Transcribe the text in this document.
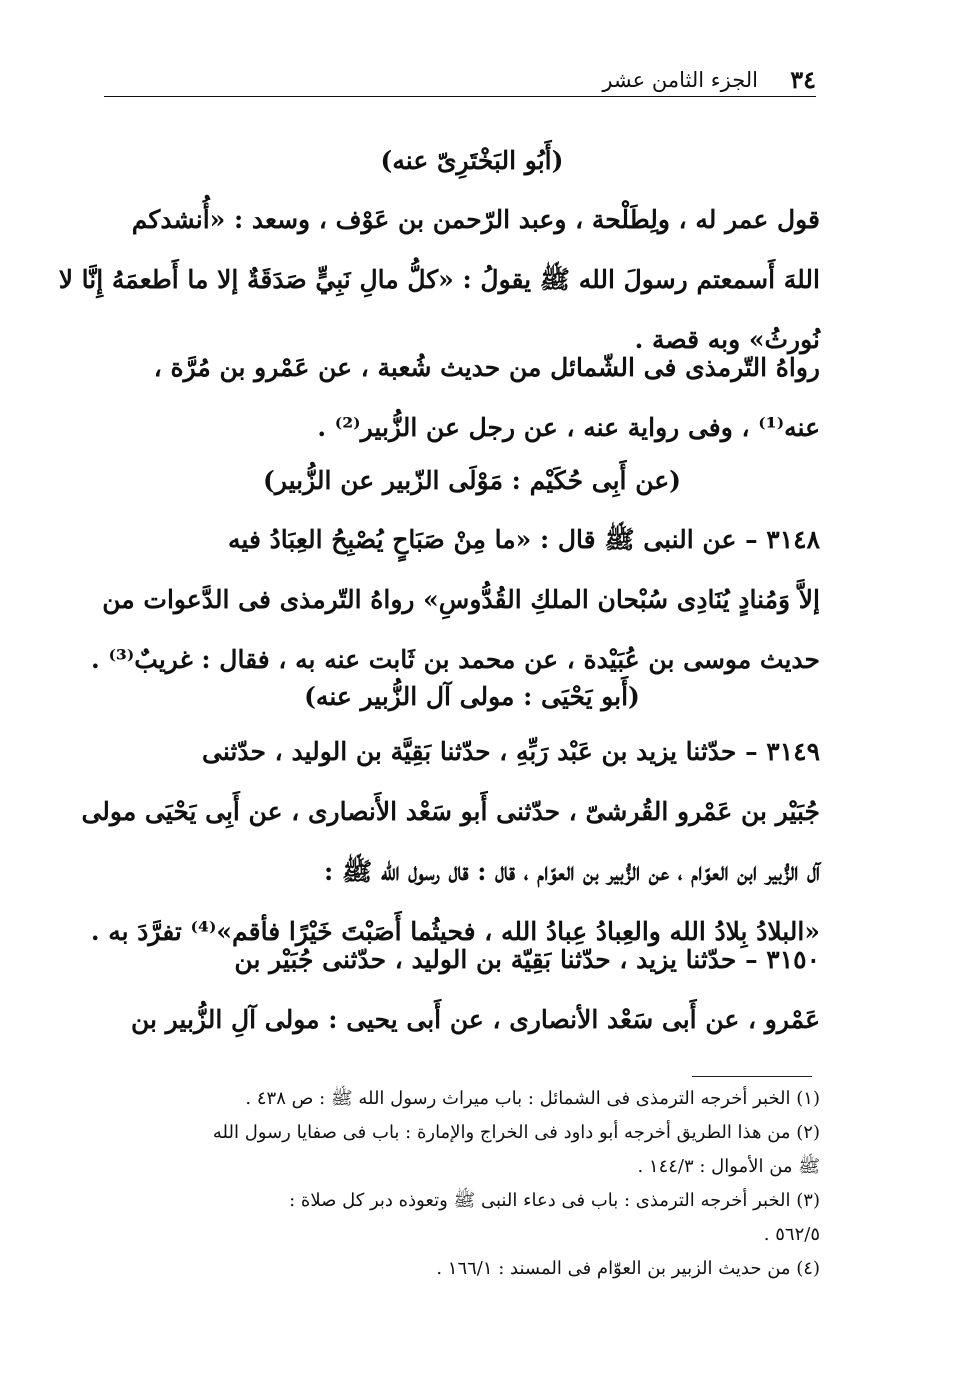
٣٤
الجزء الثامن عشر
(أَبُو البَخْتَرِىّ عنه)
قول عمر له ، ولِطَلْحة ، وعبد الرّحمن بن عَوْف ، وسعد : «أُنشدكم
اللهَ أَسمعتم رسولَ الله ﷺ يقولُ : «كلُّ مالِ نَبِيٍّ صَدَقَةٌ إلا ما أَطعمَهُ إِنَّا لا
نُورثُ» وبه قصة .
رواهُ التّرمذى فى الشّمائل من حديث شُعبة ، عن عَمْرو بن مُرَّة ،
عنه⁽¹⁾ ، وفى رواية عنه ، عن رجل عن الزُّبير⁽²⁾ .
(عن أَبِى حُكَيْم : مَوْلَى الزّبير عن الزُّبير)
٣١٤٨ – عن النبى ﷺ قال : «ما مِنْ صَبَاحٍ يُصْبِحُ العِبَادُ فيه
إلاَّ وَمُنادٍ يُنَادِى سُبْحان الملكِ القُدُّوسِ» رواهُ التّرمذى فى الدَّعوات من
حديث موسى بن عُبَيْدة ، عن محمد بن ثَابت عنه به ، فقال : غريبٌ⁽³⁾ .
(أَبو يَحْيَى : مولى آل الزُّبير عنه)
٣١٤٩ – حدّثنا يزيد بن عَبْد رَبِّهِ ، حدّثنا بَقِيَّة بن الوليد ، حدّثنى
جُبَيْر بن عَمْرو القُرشىّ ، حدّثنى أَبو سَعْد الأَنصارى ، عن أَبِى يَحْيَى مولى
آل الزُّبير ابن العوّام ، عن الزُّبير بن العوّام ، قال : قال رسول الله ﷺ :
«البلادُ بِلادُ الله والعِبادُ عِبادُ الله ، فحيثُما أَصَبْتَ خَيْرًا فأقم»⁽⁴⁾ تفرَّدَ به .
٣١٥٠ – حدّثنا يزيد ، حدّثنا بَقِيّة بن الوليد ، حدّثنى جُبَيْر بن
عَمْرو ، عن أَبى سَعْد الأنصارى ، عن أَبى يحيى : مولى آلِ الزُّبير بن
(١) الخبر أخرجه الترمذى فى الشمائل : باب ميراث رسول الله ﷺ : ص ٤٣٨ .
(٢) من هذا الطريق أخرجه أبو داود فى الخراج والإمارة : باب فى صفايا رسول الله
ﷺ من الأموال : ١٤٤/٣ .
(٣) الخبر أخرجه الترمذى : باب فى دعاء النبى ﷺ وتعوذه دبر كل صلاة :
٥٦٢/٥ .
(٤) من حديث الزبير بن العوّام فى المسند : ١٦٦/١ .
